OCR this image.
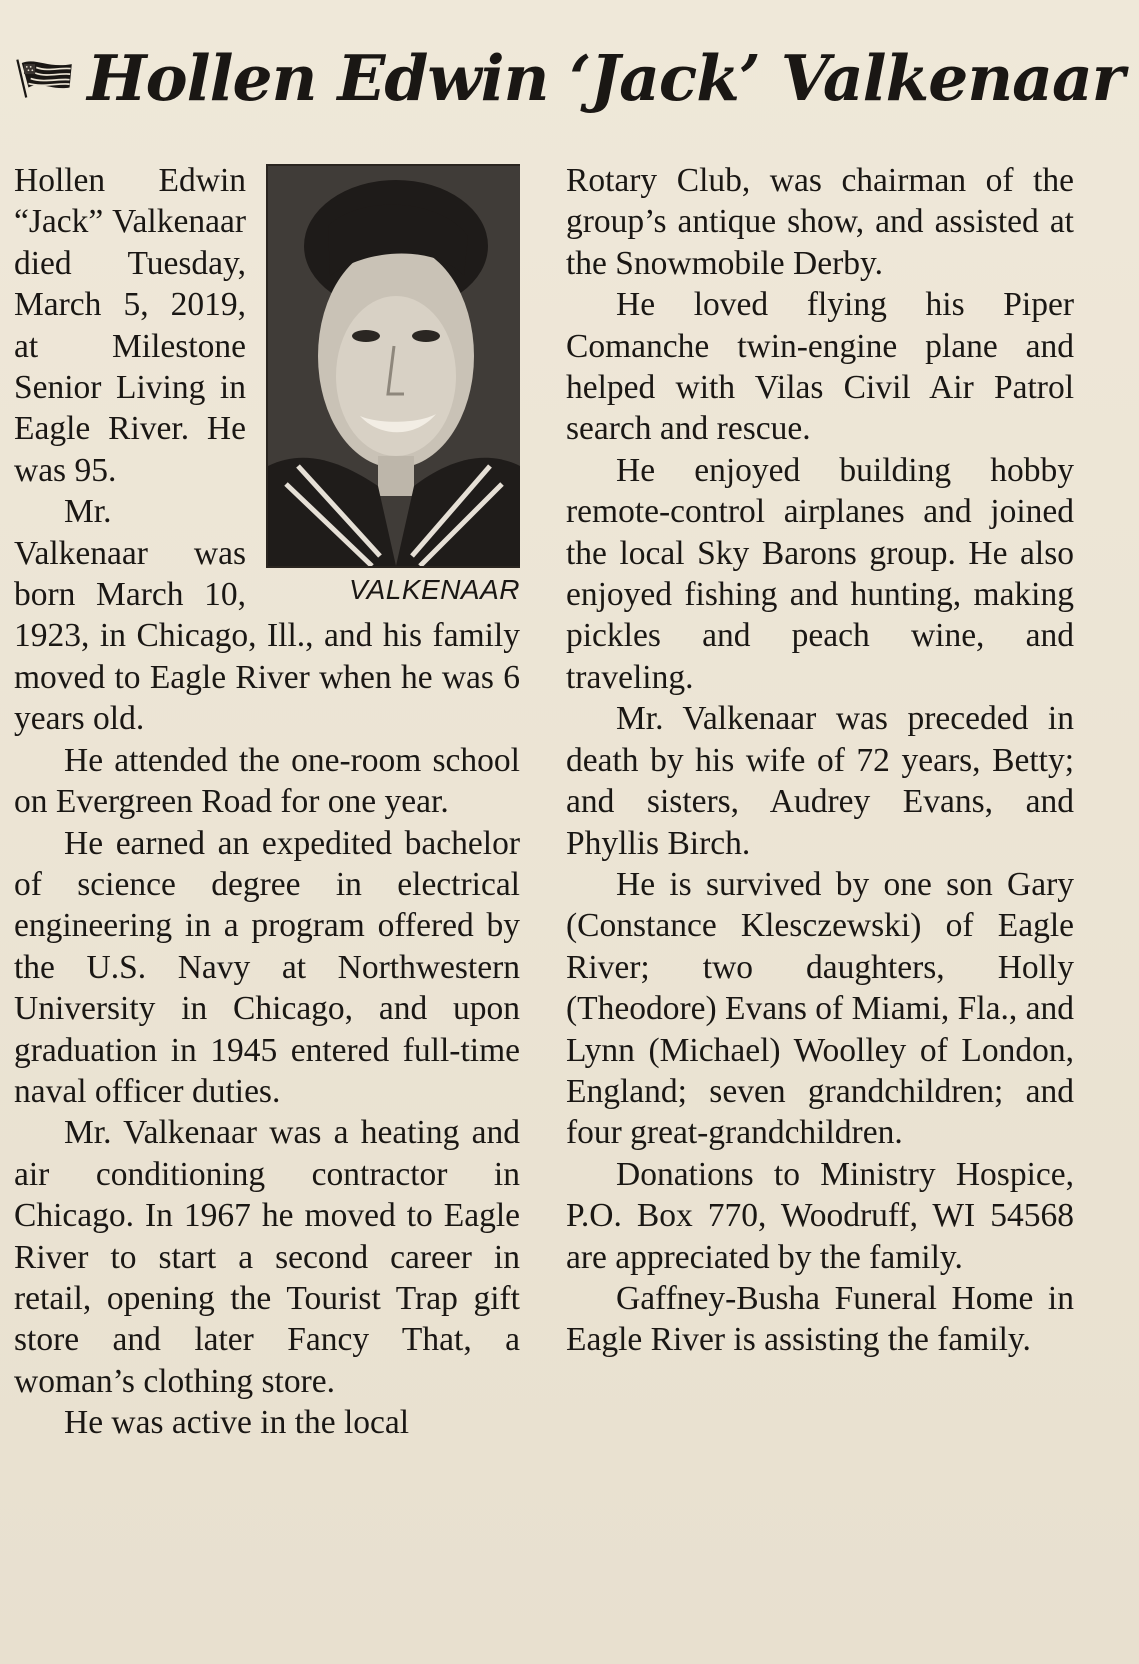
Hollen Edwin ‘Jack’ Valkenaar
VALKENAAR

Hollen Edwin “Jack” Valkenaar died Tuesday, March 5, 2019, at Milestone Senior Living in Eagle River. He was 95.

Mr. Valkenaar was born March 10, 1923, in Chicago, Ill., and his family moved to Eagle River when he was 6 years old.

He attended the one-room school on Evergreen Road for one year.

He earned an expedited bachelor of science degree in electrical engineering in a program offered by the U.S. Navy at Northwestern University in Chicago, and upon graduation in 1945 entered full-time naval officer duties.

Mr. Valkenaar was a heating and air conditioning contractor in Chicago. In 1967 he moved to Eagle River to start a second career in retail, opening the Tourist Trap gift store and later Fancy That, a woman’s clothing store.

He was active in the local

Rotary Club, was chairman of the group’s antique show, and assisted at the Snowmobile Derby.

He loved flying his Piper Comanche twin-engine plane and helped with Vilas Civil Air Patrol search and rescue.

He enjoyed building hobby remote-control airplanes and joined the local Sky Barons group. He also enjoyed fishing and hunting, making pickles and peach wine, and traveling.

Mr. Valkenaar was preceded in death by his wife of 72 years, Betty; and sisters, Audrey Evans, and Phyllis Birch.

He is survived by one son Gary (Constance Klesczewski) of Eagle River; two daughters, Holly (Theodore) Evans of Miami, Fla., and Lynn (Michael) Woolley of London, England; seven grandchildren; and four great-grandchildren.

Donations to Ministry Hospice, P.O. Box 770, Woodruff, WI 54568 are appreciated by the family.

Gaffney-Busha Funeral Home in Eagle River is assisting the family.
